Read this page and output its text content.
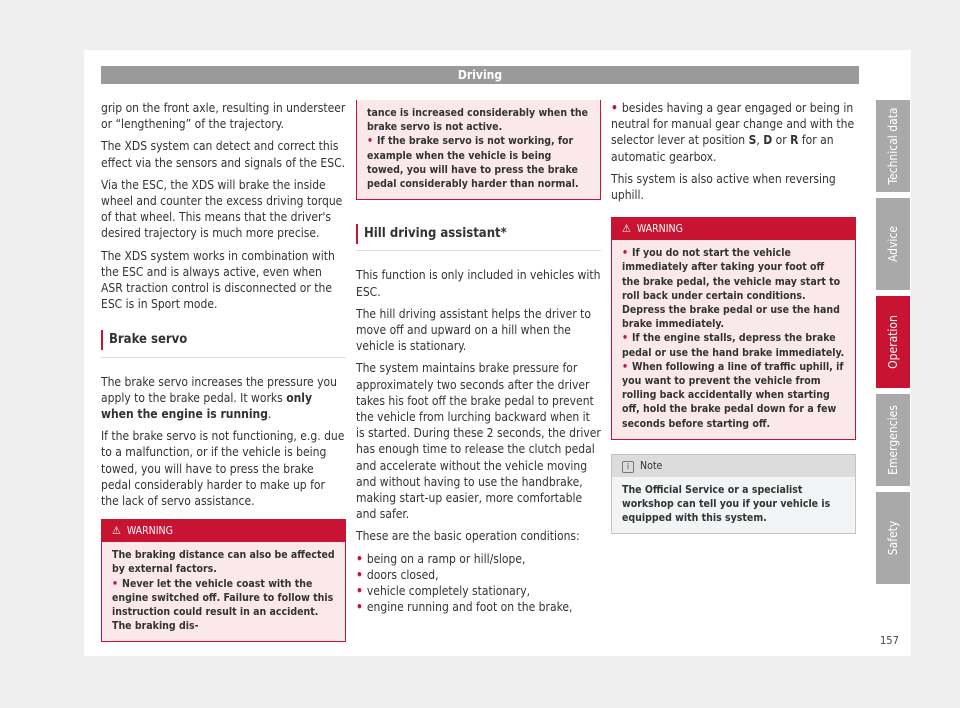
Driving

grip on the front axle, resulting in understeer or “lengthening” of the trajectory.

The XDS system can detect and correct this effect via the sensors and signals of the ESC.

Via the ESC, the XDS will brake the inside wheel and counter the excess driving torque of that wheel. This means that the driver's desired trajectory is much more precise.

The XDS system works in combination with the ESC and is always active, even when ASR traction control is disconnected or the ESC is in Sport mode.

Brake servo

The brake servo increases the pressure you apply to the brake pedal. It works only when the engine is running.

If the brake servo is not functioning, e.g. due to a malfunction, or if the vehicle is being towed, you will have to press the brake pedal considerably harder to make up for the lack of servo assistance.

⚠ WARNING
The braking distance can also be affected by external factors.
• Never let the vehicle coast with the engine switched off. Failure to follow this instruction could result in an accident. The braking dis-
tance is increased considerably when the brake servo is not active.
• If the brake servo is not working, for example when the vehicle is being towed, you will have to press the brake pedal considerably harder than normal.
Hill driving assistant*

This function is only included in vehicles with ESC.

The hill driving assistant helps the driver to move off and upward on a hill when the vehicle is stationary.

The system maintains brake pressure for approximately two seconds after the driver takes his foot off the brake pedal to prevent the vehicle from lurching backward when it is started. During these 2 seconds, the driver has enough time to release the clutch pedal and accelerate without the vehicle moving and without having to use the handbrake, making start-up easier, more comfortable and safer.

These are the basic operation conditions:

• being on a ramp or hill/slope,
• doors closed,
• vehicle completely stationary,
• engine running and foot on the brake,

• besides having a gear engaged or being in neutral for manual gear change and with the selector lever at position S, D or R for an automatic gearbox.

This system is also active when reversing uphill.

⚠ WARNING
• If you do not start the vehicle immediately after taking your foot off the brake pedal, the vehicle may start to roll back under certain conditions. Depress the brake pedal or use the hand brake immediately.
• If the engine stalls, depress the brake pedal or use the hand brake immediately.
• When following a line of traffic uphill, if you want to prevent the vehicle from rolling back accidentally when starting off, hold the brake pedal down for a few seconds before starting off.
i Note
The Official Service or a specialist workshop can tell you if your vehicle is equipped with this system.
Technical data
Advice
Operation
Emergencies
Safety
157
